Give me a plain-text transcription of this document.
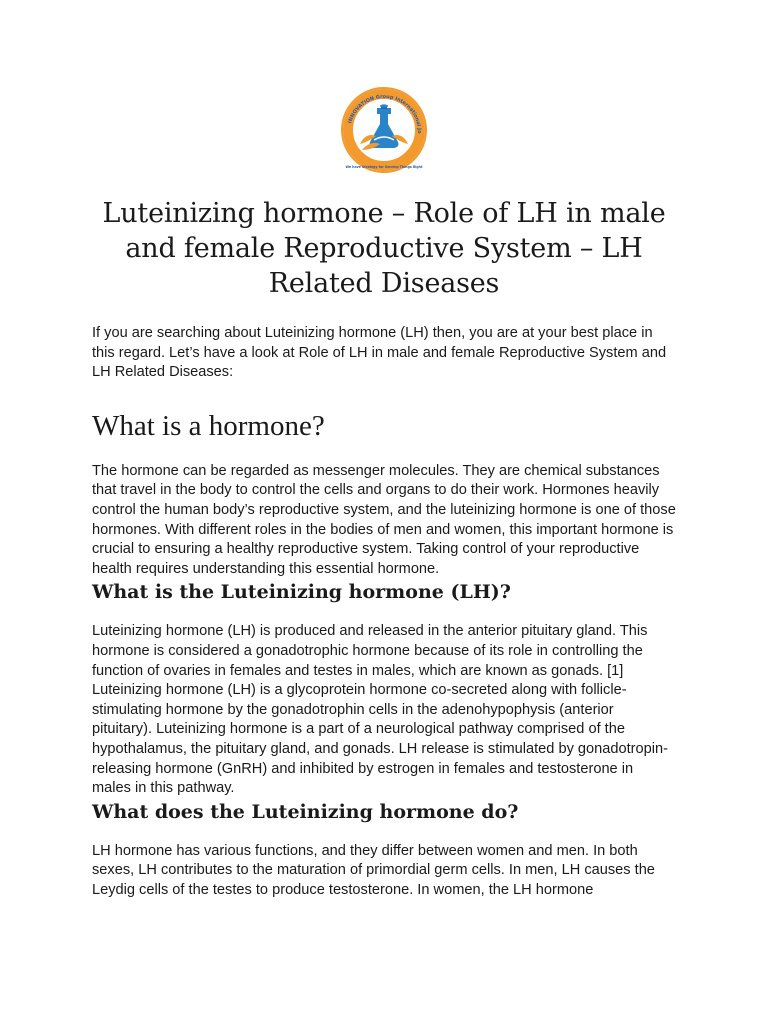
INNOVATION Group International Jo
We have Strategy for Serving Things Right
Luteinizing hormone – Role of LH in male and female Reproductive System – LH Related Diseases

If you are searching about Luteinizing hormone (LH) then, you are at your best place in this regard. Let’s have a look at Role of LH in male and female Reproductive System and LH Related Diseases:

What is a hormone?

The hormone can be regarded as messenger molecules. They are chemical substances that travel in the body to control the cells and organs to do their work. Hormones heavily control the human body’s reproductive system, and the luteinizing hormone is one of those hormones. With different roles in the bodies of men and women, this important hormone is crucial to ensuring a healthy reproductive system. Taking control of your reproductive health requires understanding this essential hormone.

What is the Luteinizing hormone (LH)?

Luteinizing hormone (LH) is produced and released in the anterior pituitary gland. This hormone is considered a gonadotrophic hormone because of its role in controlling the function of ovaries in females and testes in males, which are known as gonads. [1] Luteinizing hormone (LH) is a glycoprotein hormone co-secreted along with follicle-stimulating hormone by the gonadotrophin cells in the adenohypophysis (anterior pituitary). Luteinizing hormone is a part of a neurological pathway comprised of the hypothalamus, the pituitary gland, and gonads. LH release is stimulated by gonadotropin-releasing hormone (GnRH) and inhibited by estrogen in females and testosterone in males in this pathway.

What does the Luteinizing hormone do?

LH hormone has various functions, and they differ between women and men. In both sexes, LH contributes to the maturation of primordial germ cells. In men, LH causes the Leydig cells of the testes to produce testosterone. In women, the LH hormone
